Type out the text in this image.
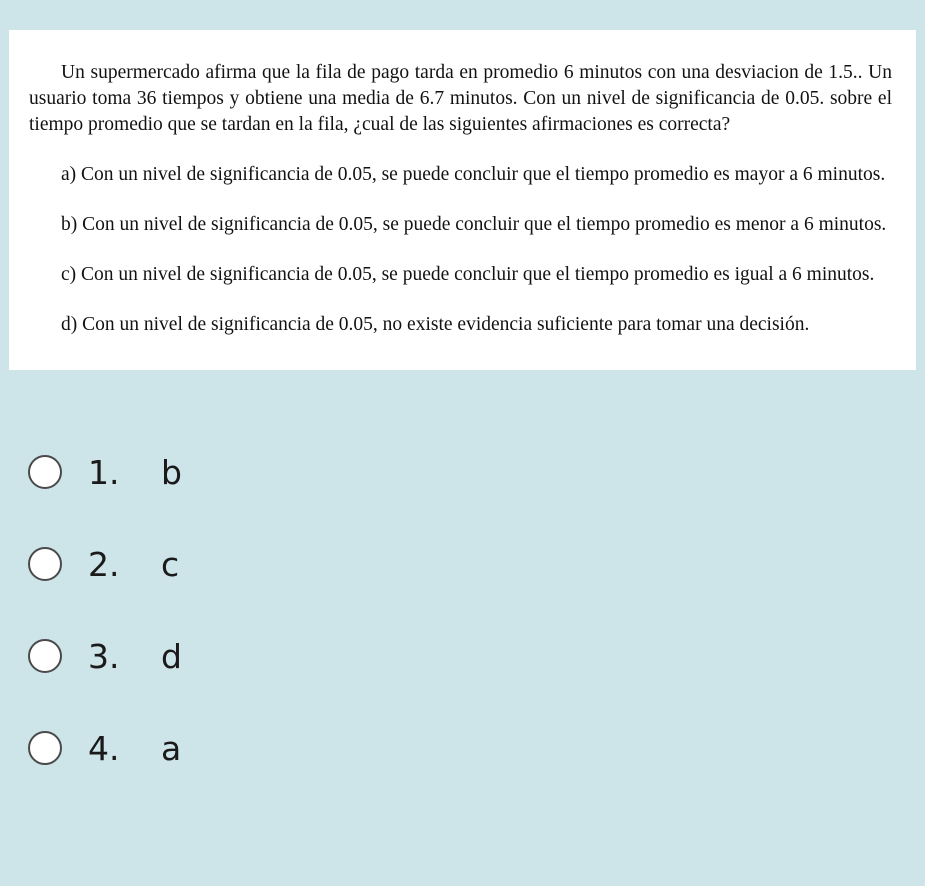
Un supermercado afirma que la fila de pago tarda en promedio 6 minutos con una desviacion de 1.5.. Un usuario toma 36 tiempos y obtiene una media de 6.7 minutos. Con un nivel de significancia de 0.05. sobre el tiempo promedio que se tardan en la fila, ¿cual de las siguientes afirmaciones es correcta?

a) Con un nivel de significancia de 0.05, se puede concluir que el tiempo promedio es mayor a 6 minutos.

b) Con un nivel de significancia de 0.05, se puede concluir que el tiempo promedio es menor a 6 minutos.

c) Con un nivel de significancia de 0.05, se puede concluir que el tiempo promedio es igual a 6 minutos.

d) Con un nivel de significancia de 0.05, no existe evidencia suficiente para tomar una decisión.

1. b
2. c
3. d
4. a
